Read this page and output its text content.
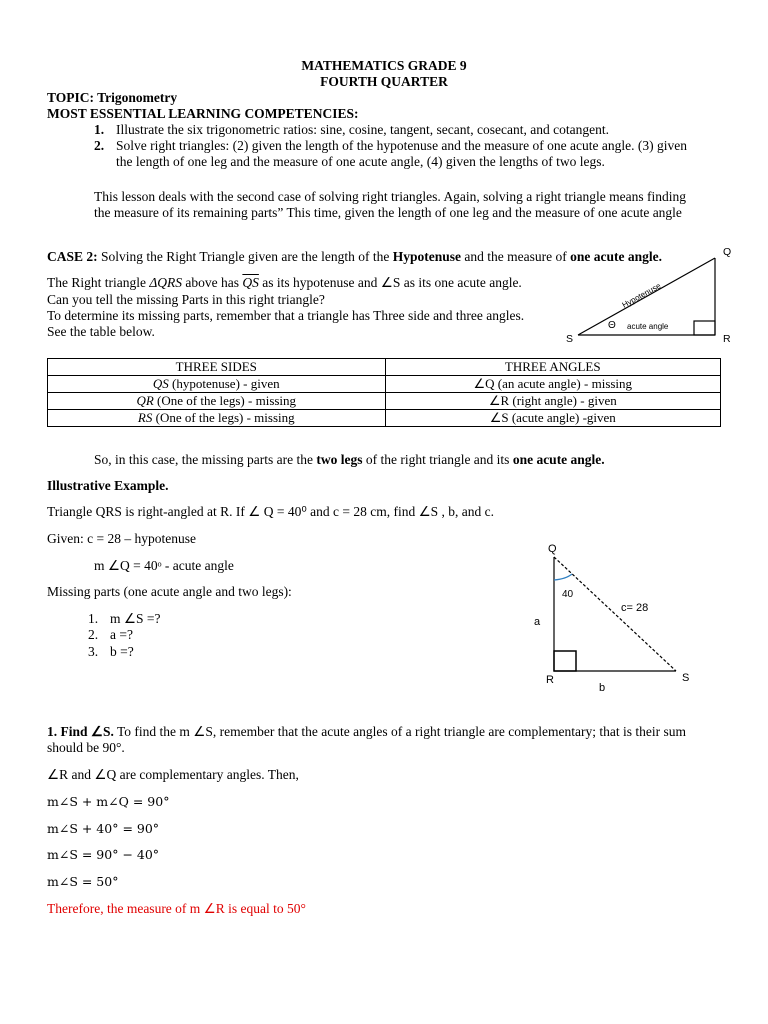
MATHEMATICS GRADE 9
FOURTH QUARTER
TOPIC: Trigonometry
MOST ESSENTIAL LEARNING COMPETENCIES:
1. Illustrate the six trigonometric ratios: sine, cosine, tangent, secant, cosecant, and cotangent.
2. Solve right triangles: (2) given the length of the hypotenuse and the measure of one acute angle. (3) given
the length of one leg and the measure of one acute angle, (4) given the lengths of two legs.
This lesson deals with the second case of solving right triangles. Again, solving a right triangle means finding
the measure of its remaining parts” This time, given the length of one leg and the measure of one acute angle
CASE 2: Solving the Right Triangle given are the length of the Hypotenuse and the measure of one acute angle.
The Right triangle ΔQRS above has $\overline{QS}$ as its hypotenuse and ∠S as its one acute angle.
Can you tell the missing Parts in this right triangle?
To determine its missing parts, remember that a triangle has Three side and three angles.
See the table below.
Q
S	R
Hypotenuse
Θ acute angle
THREE SIDES	THREE ANGLES
$\overline{QS}$ (hypotenuse) - given	∠Q (an acute angle) - missing
$\overline{QR}$ (One of the legs) - missing	∠R (right angle) - given
$\overline{RS}$ (One of the legs) - missing	∠S (acute angle) -given
So, in this case, the missing parts are the two legs of the right triangle and its one acute angle.
Illustrative Example.
Triangle QRS is right-angled at R. If ∠ Q = 40⁰ and c = 28 cm, find ∠S , b, and c.
Given: c = 28 – hypotenuse
m ∠Q = 40ᵒ - acute angle
Missing parts (one acute angle and two legs):
1. m ∠S =?
2. a =?
3. b =?
Q
R	S
a
b
c= 28
40
1. Find ∠S. To find the m ∠S, remember that the acute angles of a right triangle are complementary; that is their sum
should be 90°.
∠R and ∠Q are complementary angles. Then,
m∠S + m∠Q = 90°
m∠S + 40° = 90°
m∠S = 90° − 40°
m∠S = 50°
Therefore, the measure of m ∠R is equal to 50°
